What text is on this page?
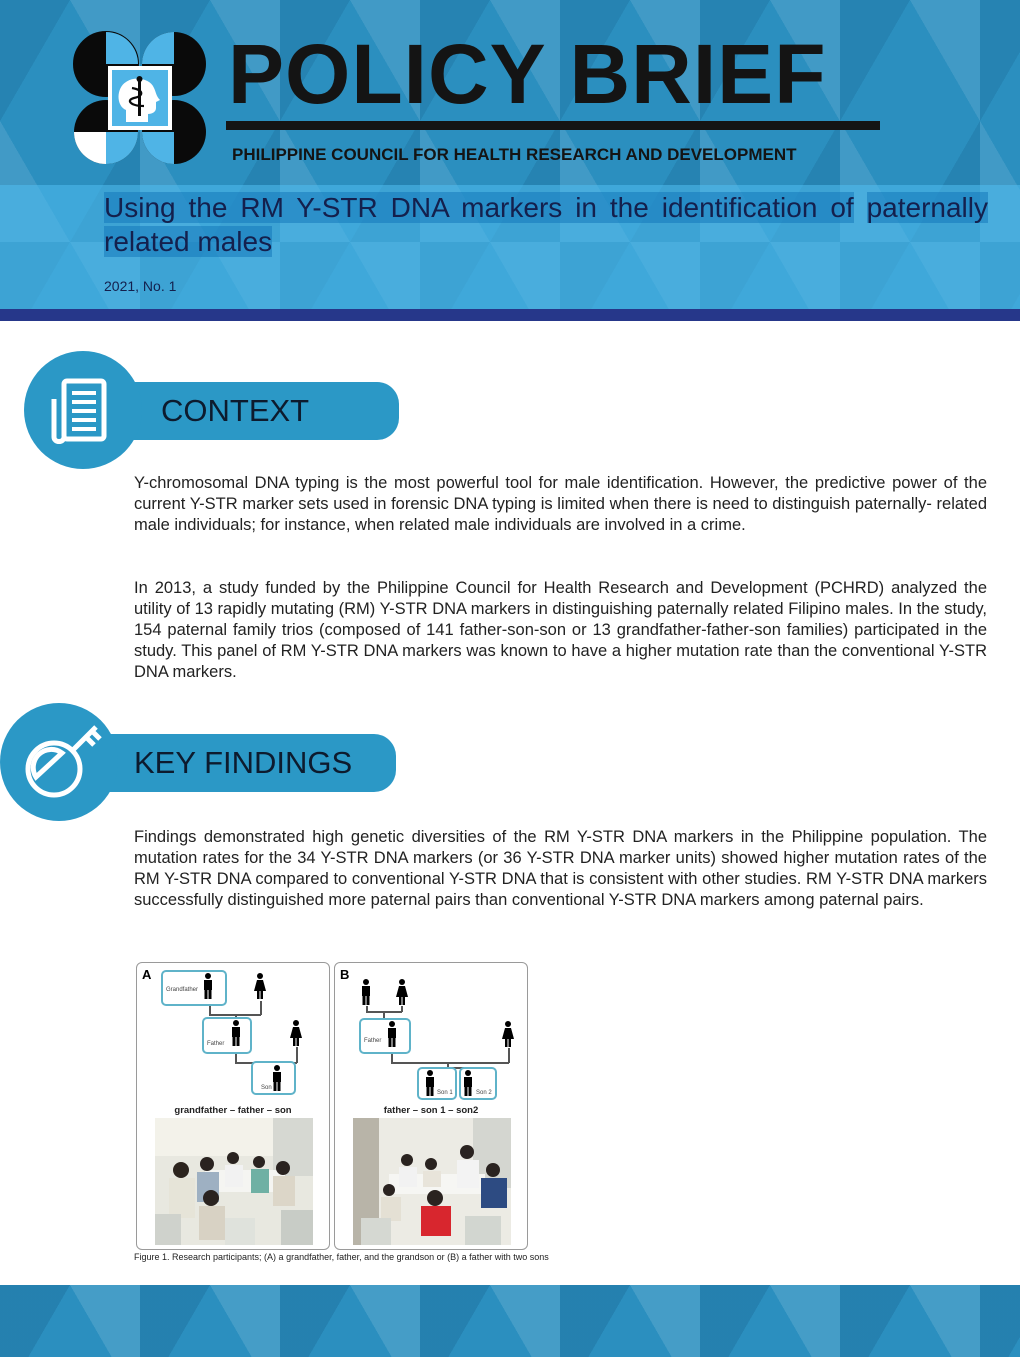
POLICY BRIEF
PHILIPPINE COUNCIL FOR HEALTH RESEARCH AND DEVELOPMENT
Using the RM Y-STR DNA markers in the identification of paternally related males
2021, No. 1
CONTEXT

Y-chromosomal DNA typing is the most powerful tool for male identification. However, the predictive power of the current Y-STR marker sets used in forensic DNA typing is limited when there is need to distinguish paternally- related male individuals; for instance, when related male individuals are involved in a crime.

In 2013, a study funded by the Philippine Council for Health Research and Development (PCHRD) analyzed the utility of 13 rapidly mutating (RM) Y-STR DNA markers in distinguishing paternally related Filipino males. In the study, 154 paternal family trios (composed of 141 father-son-son or 13 grandfather-father-son families) participated in the study. This panel of RM Y-STR DNA markers was known to have a higher mutation rate than the conventional Y-STR DNA markers.

KEY FINDINGS

Findings demonstrated high genetic diversities of the RM Y-STR DNA markers in the Philippine population. The mutation rates for the 34 Y-STR DNA markers (or 36 Y-STR DNA marker units) showed higher mutation rates of the RM Y-STR DNA compared to conventional Y-STR DNA that is consistent with other studies. RM Y-STR DNA markers successfully distinguished more paternal pairs than conventional Y-STR DNA markers among paternal pairs.

A
Grandfather
Father
Son
grandfather – father – son
B
Father
Son 1	Son 2
father – son 1 – son2
Figure 1. Research participants; (A) a grandfather, father, and the grandson or (B) a father with two sons
